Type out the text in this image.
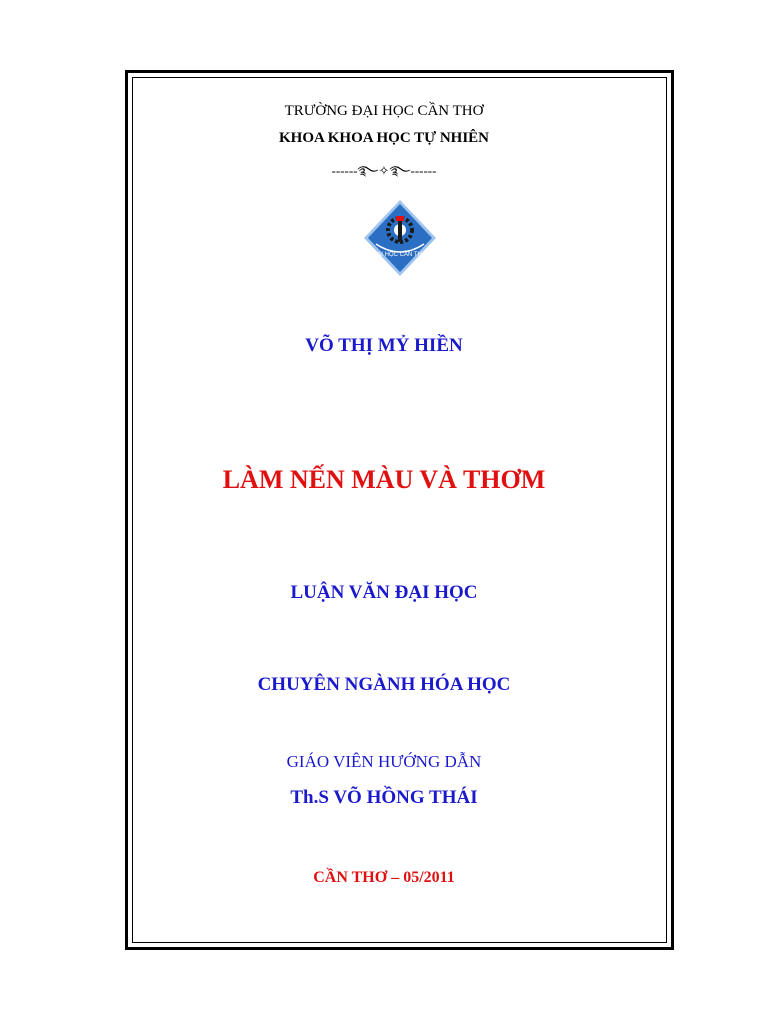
TRƯỜNG ĐẠI HỌC CẦN THƠ
KHOA KHOA HỌC TỰ NHIÊN
------࿐✧࿐------
ĐẠI HỌC CẦN THƠ
VÕ THỊ MỶ HIỀN
LÀM NẾN MÀU VÀ THƠM
LUẬN VĂN ĐẠI HỌC
CHUYÊN NGÀNH HÓA HỌC
GIÁO VIÊN HƯỚNG DẪN
Th.S VÕ HỒNG THÁI
CẦN THƠ – 05/2011
